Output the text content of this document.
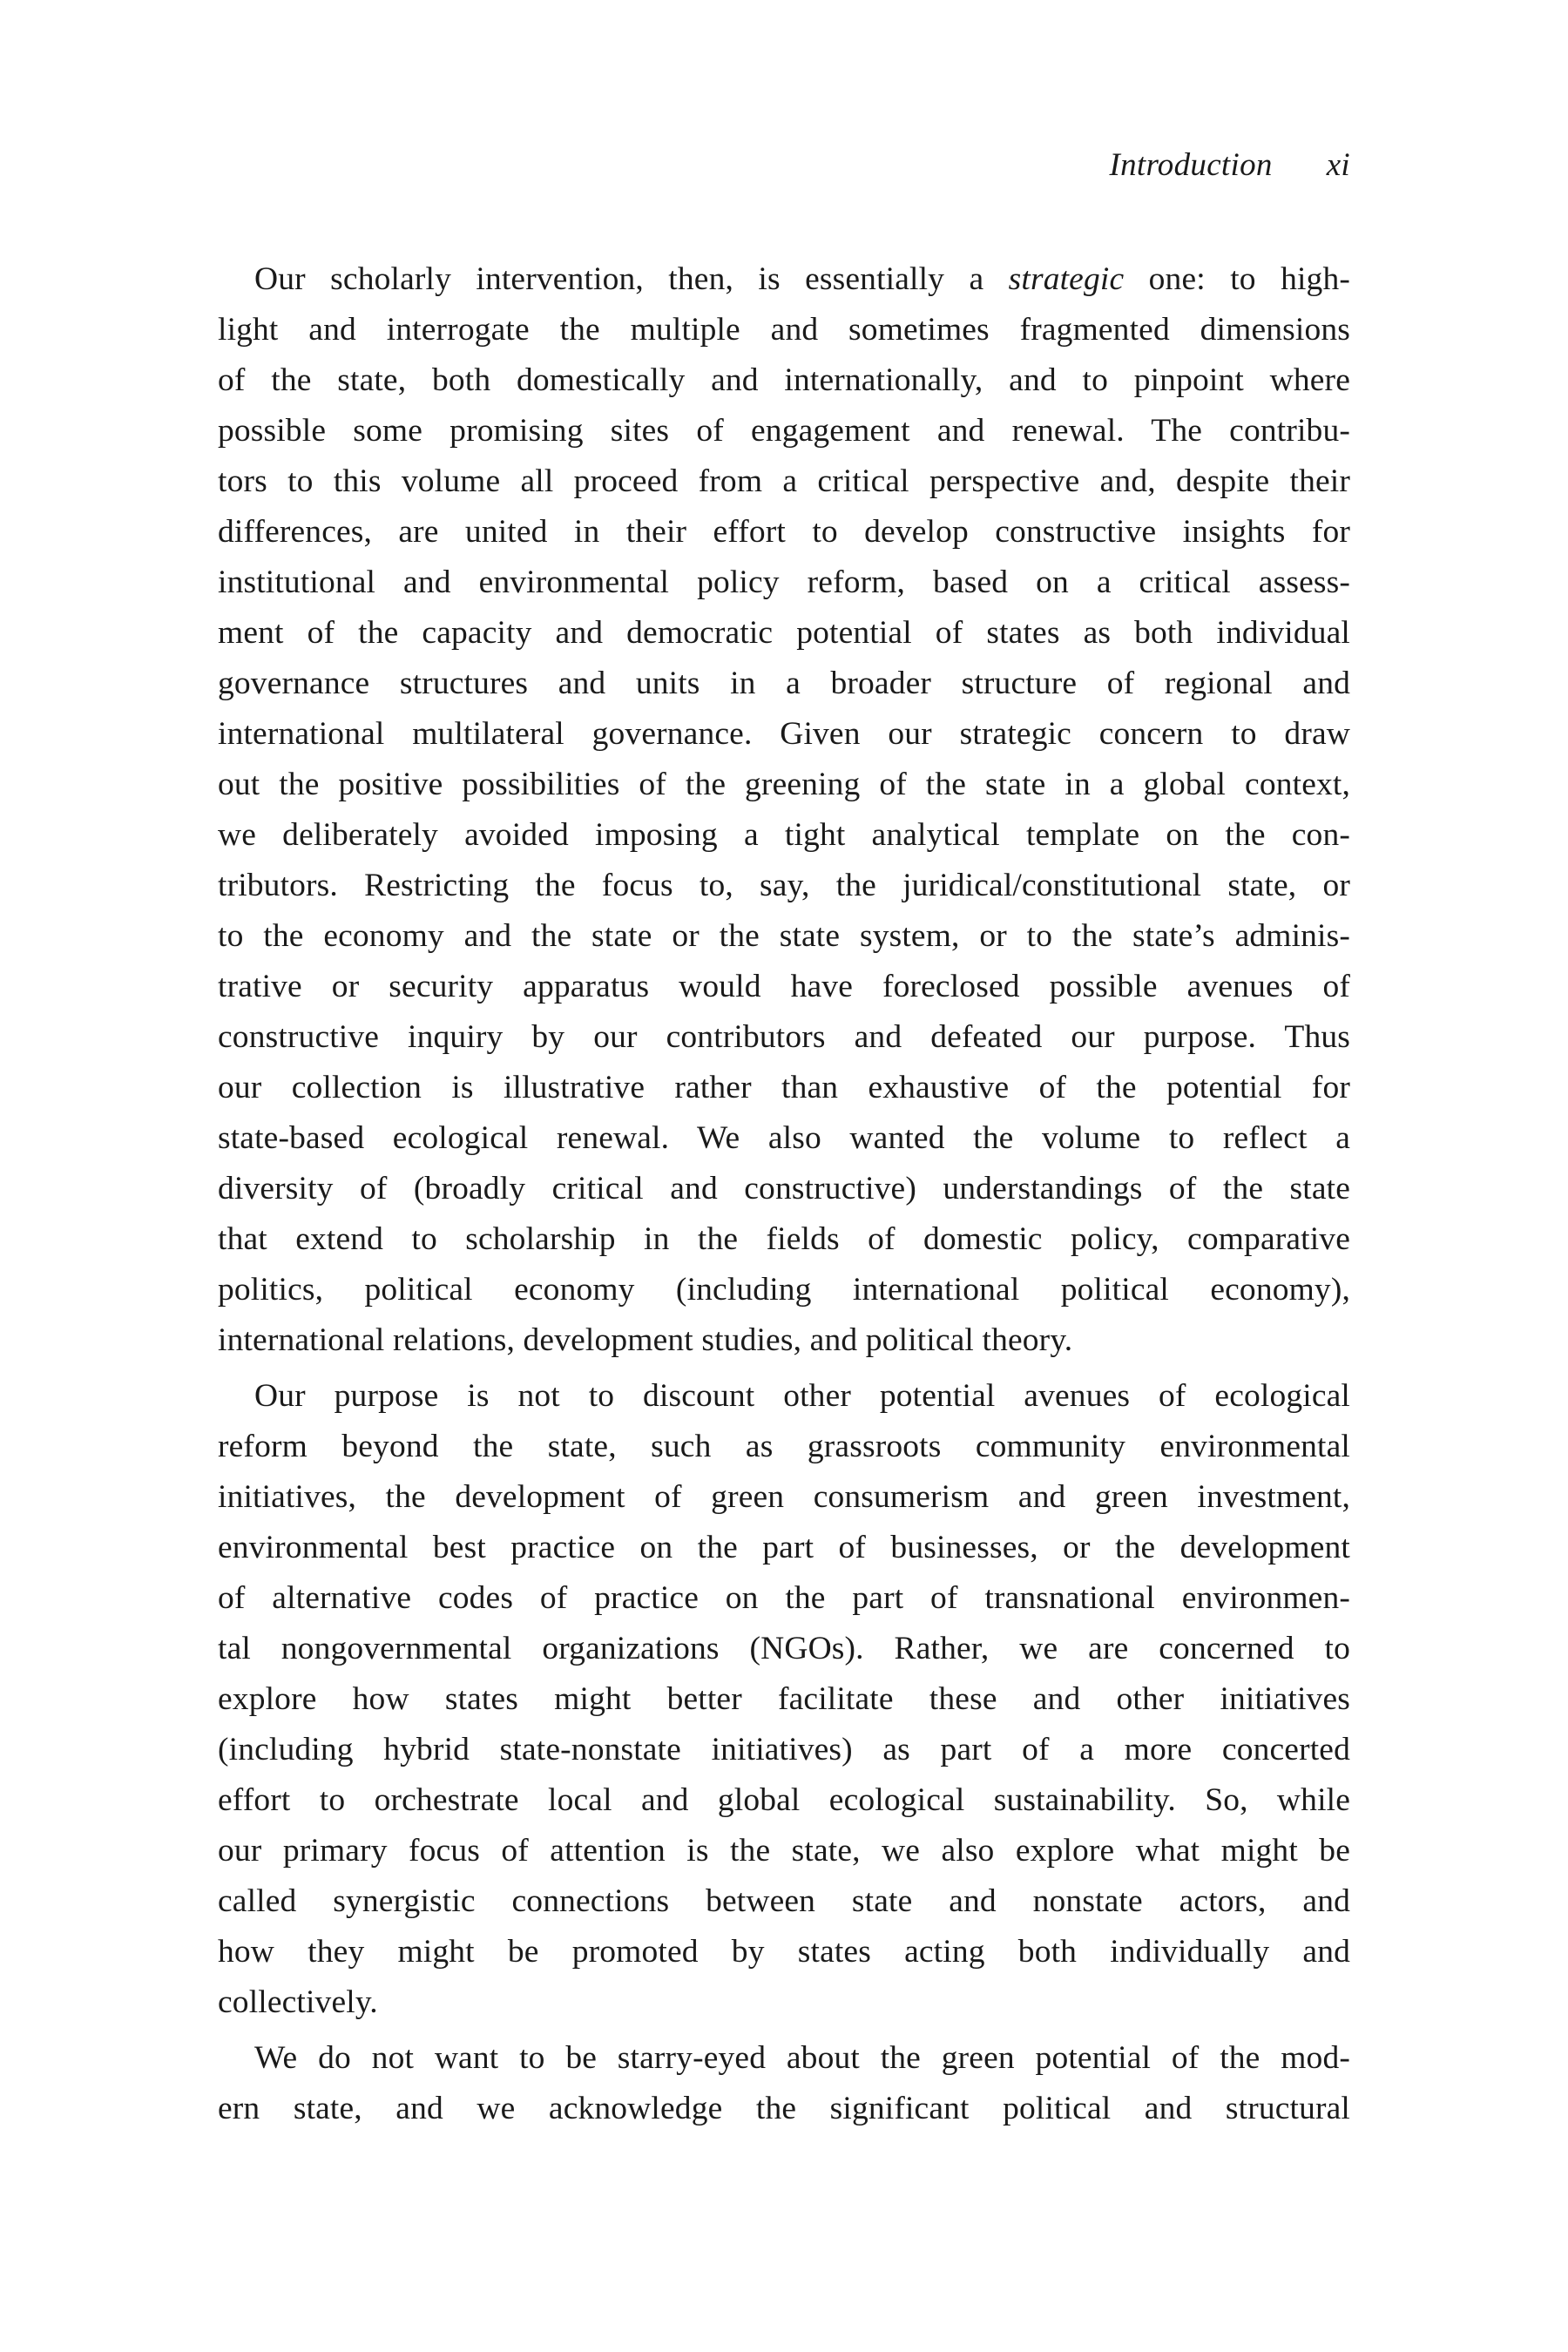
Introduction xi
Our scholarly intervention, then, is essentially a strategic one: to high-
light and interrogate the multiple and sometimes fragmented dimensions
of the state, both domestically and internationally, and to pinpoint where
possible some promising sites of engagement and renewal. The contribu-
tors to this volume all proceed from a critical perspective and, despite their
differences, are united in their effort to develop constructive insights for
institutional and environmental policy reform, based on a critical assess-
ment of the capacity and democratic potential of states as both individual
governance structures and units in a broader structure of regional and
international multilateral governance. Given our strategic concern to draw
out the positive possibilities of the greening of the state in a global context,
we deliberately avoided imposing a tight analytical template on the con-
tributors. Restricting the focus to, say, the juridical/constitutional state, or
to the economy and the state or the state system, or to the state’s adminis-
trative or security apparatus would have foreclosed possible avenues of
constructive inquiry by our contributors and defeated our purpose. Thus
our collection is illustrative rather than exhaustive of the potential for
state-based ecological renewal. We also wanted the volume to reflect a
diversity of (broadly critical and constructive) understandings of the state
that extend to scholarship in the fields of domestic policy, comparative
politics, political economy (including international political economy),
international relations, development studies, and political theory.
Our purpose is not to discount other potential avenues of ecological
reform beyond the state, such as grassroots community environmental
initiatives, the development of green consumerism and green investment,
environmental best practice on the part of businesses, or the development
of alternative codes of practice on the part of transnational environmen-
tal nongovernmental organizations (NGOs). Rather, we are concerned to
explore how states might better facilitate these and other initiatives
(including hybrid state-nonstate initiatives) as part of a more concerted
effort to orchestrate local and global ecological sustainability. So, while
our primary focus of attention is the state, we also explore what might be
called synergistic connections between state and nonstate actors, and
how they might be promoted by states acting both individually and
collectively.
We do not want to be starry-eyed about the green potential of the mod-
ern state, and we acknowledge the significant political and structural
